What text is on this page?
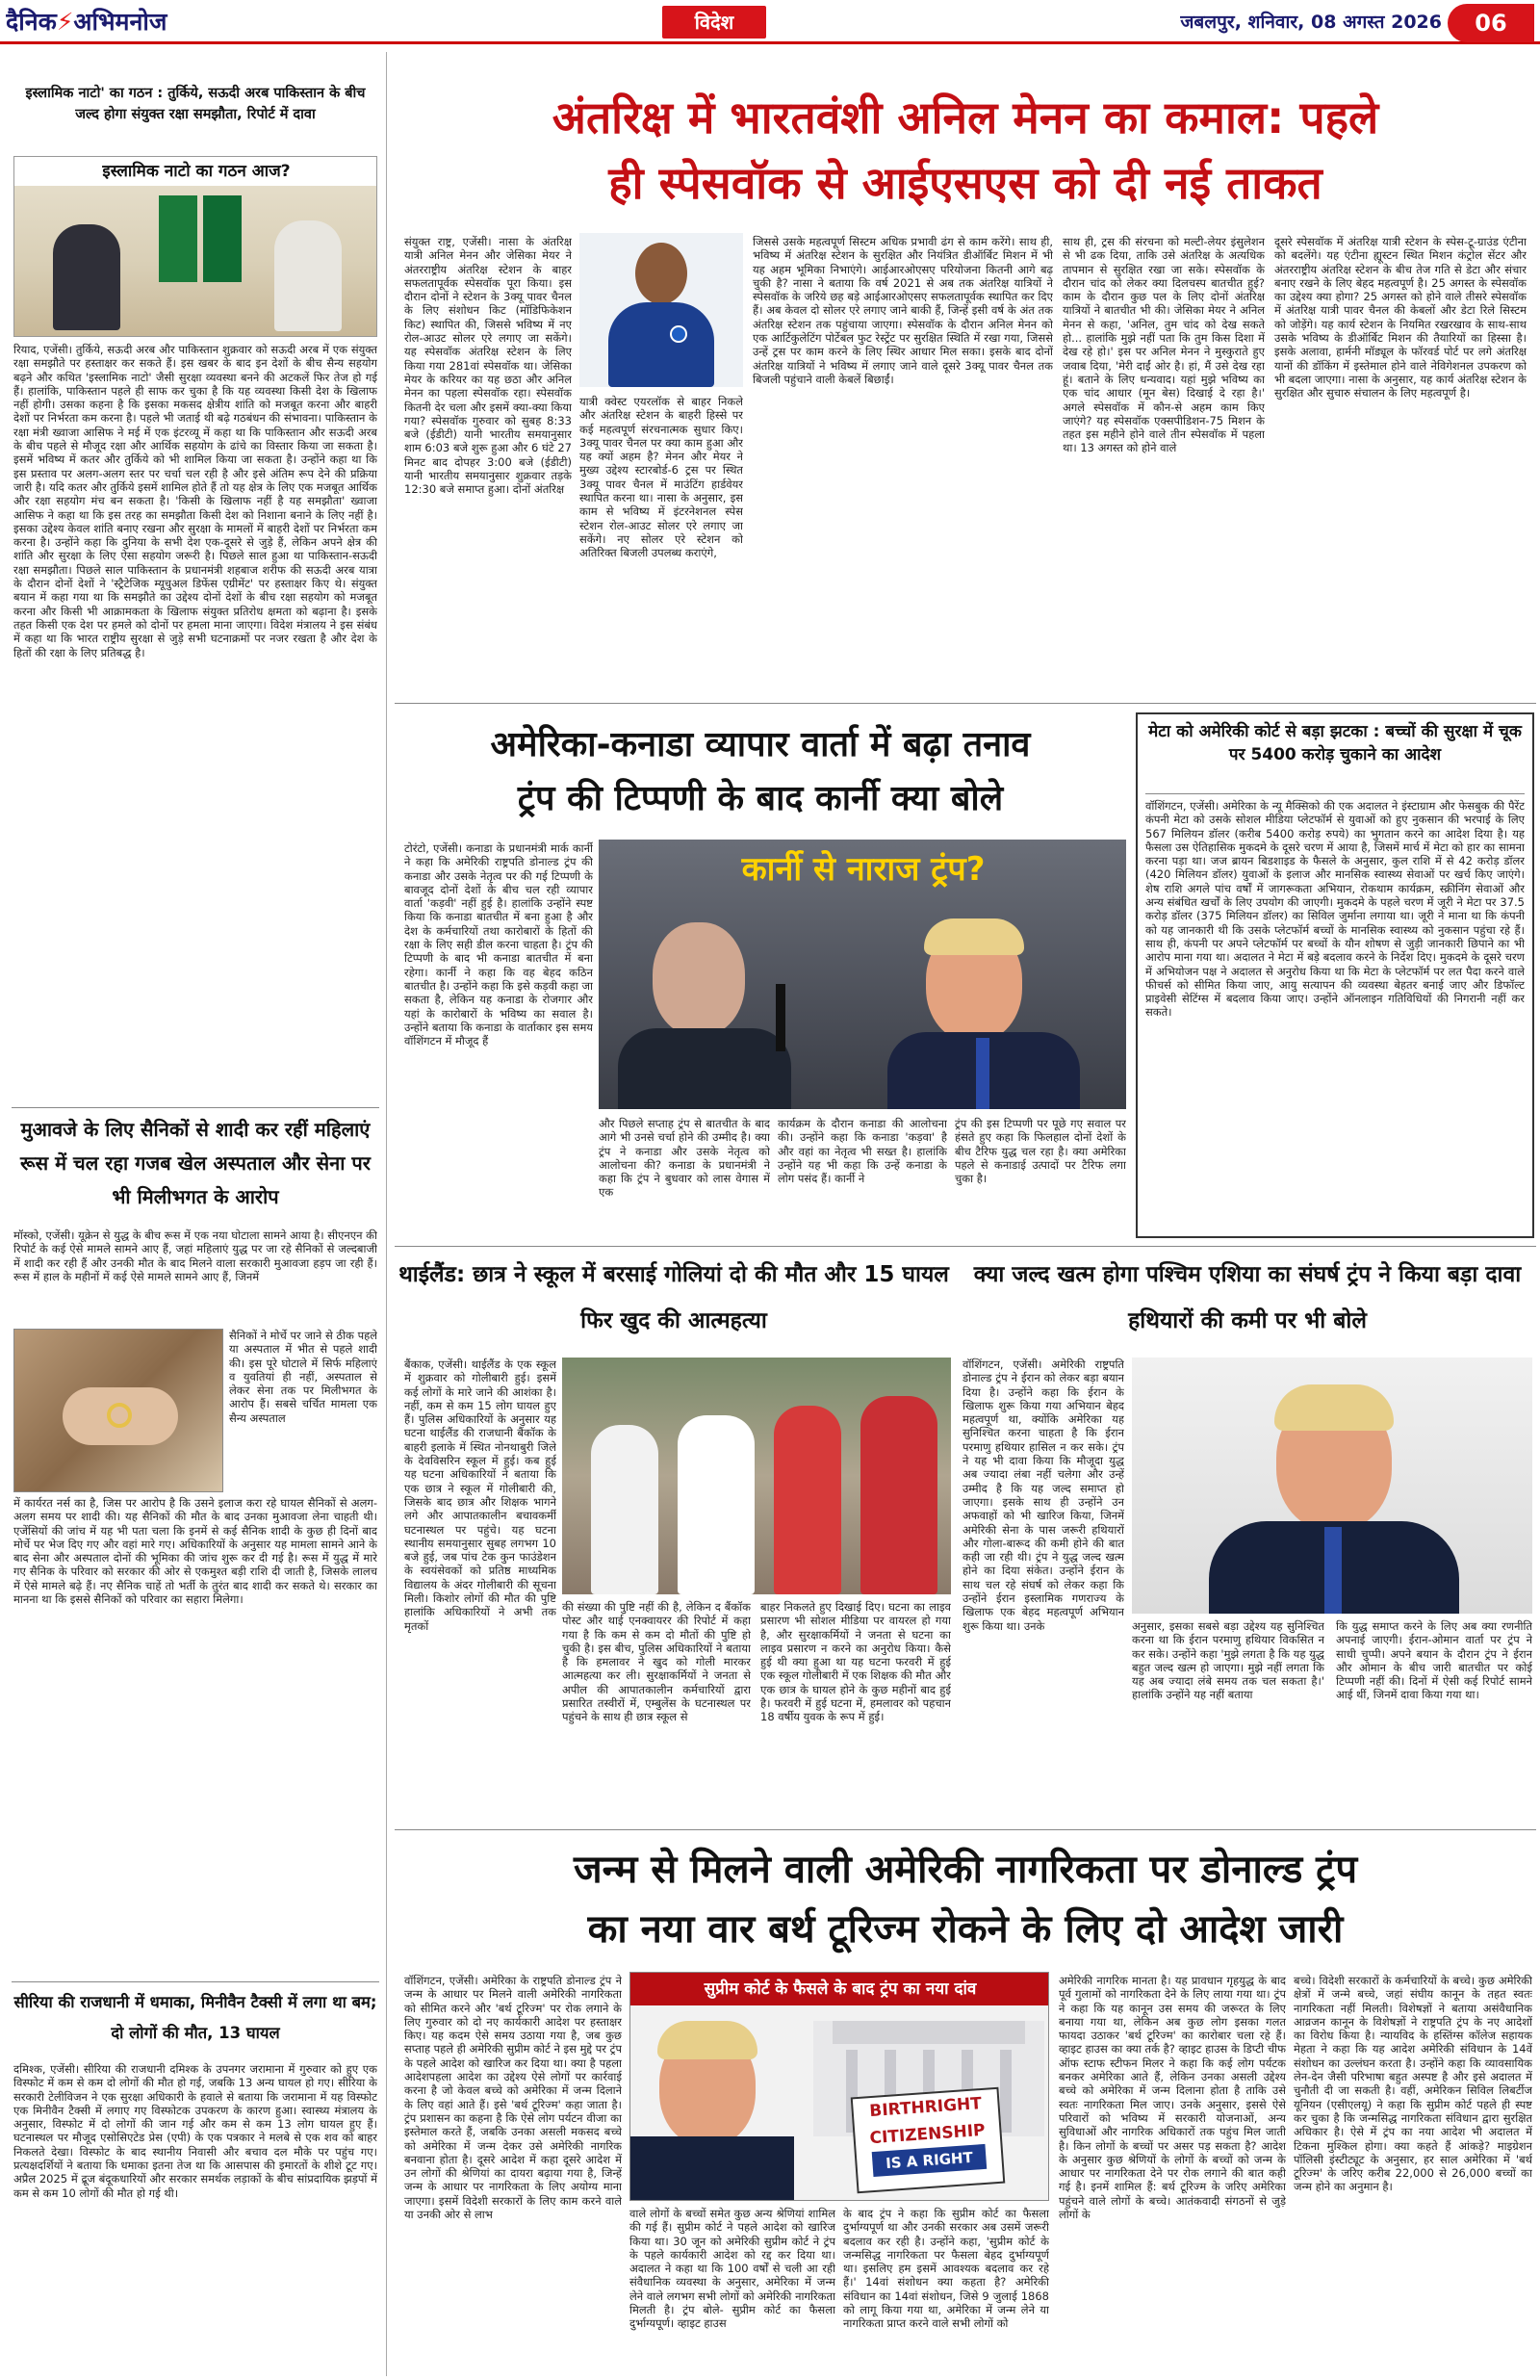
दैनिक⚡अभिमनोज	विदेश	जबलपुर, शनिवार, 08 अगस्त 2026	06
इस्लामिक नाटो' का गठन : तुर्किये, सऊदी अरब पाकिस्तान के बीच जल्द होगा संयुक्त रक्षा समझौता, रिपोर्ट में दावा
इस्लामिक नाटो का गठन आज?
रियाद, एजेंसी। तुर्किये, सऊदी अरब और पाकिस्तान शुक्रवार को सऊदी अरब में एक संयुक्त रक्षा समझौते पर हस्ताक्षर कर सकते हैं। इस खबर के बाद इन देशों के बीच सैन्य सहयोग बढ़ने और कथित 'इस्लामिक नाटो' जैसी सुरक्षा व्यवस्था बनने की अटकलें फिर तेज हो गई हैं। हालांकि, पाकिस्तान पहले ही साफ कर चुका है कि यह व्यवस्था किसी देश के खिलाफ नहीं होगी। उसका कहना है कि इसका मकसद क्षेत्रीय शांति को मजबूत करना और बाहरी देशों पर निर्भरता कम करना है। पहले भी जताई थी बढ़े गठबंधन की संभावना। पाकिस्तान के रक्षा मंत्री ख्वाजा आसिफ ने मई में एक इंटरव्यू में कहा था कि पाकिस्तान और सऊदी अरब के बीच पहले से मौजूद रक्षा और आर्थिक सहयोग के ढांचे का विस्तार किया जा सकता है। इसमें भविष्य में कतर और तुर्किये को भी शामिल किया जा सकता है। उन्होंने कहा था कि इस प्रस्ताव पर अलग-अलग स्तर पर चर्चा चल रही है और इसे अंतिम रूप देने की प्रक्रिया जारी है। यदि कतर और तुर्किये इसमें शामिल होते हैं तो यह क्षेत्र के लिए एक मजबूत आर्थिक और रक्षा सहयोग मंच बन सकता है। 'किसी के खिलाफ नहीं है यह समझौता' ख्वाजा आसिफ ने कहा था कि इस तरह का समझौता किसी देश को निशाना बनाने के लिए नहीं है। इसका उद्देश्य केवल शांति बनाए रखना और सुरक्षा के मामलों में बाहरी देशों पर निर्भरता कम करना है। उन्होंने कहा कि दुनिया के सभी देश एक-दूसरे से जुड़े हैं, लेकिन अपने क्षेत्र की शांति और सुरक्षा के लिए ऐसा सहयोग जरूरी है। पिछले साल हुआ था पाकिस्तान-सऊदी रक्षा समझौता। पिछले साल पाकिस्तान के प्रधानमंत्री शहबाज शरीफ की सऊदी अरब यात्रा के दौरान दोनों देशों ने 'स्ट्रैटेजिक म्यूचुअल डिफेंस एग्रीमेंट' पर हस्ताक्षर किए थे। संयुक्त बयान में कहा गया था कि समझौते का उद्देश्य दोनों देशों के बीच रक्षा सहयोग को मजबूत करना और किसी भी आक्रामकता के खिलाफ संयुक्त प्रतिरोध क्षमता को बढ़ाना है। इसके तहत किसी एक देश पर हमले को दोनों पर हमला माना जाएगा। विदेश मंत्रालय ने इस संबंध में कहा था कि भारत राष्ट्रीय सुरक्षा से जुड़े सभी घटनाक्रमों पर नजर रखता है और देश के हितों की रक्षा के लिए प्रतिबद्ध है।
मुआवजे के लिए सैनिकों से शादी कर रहीं महिलाएं रूस में चल रहा गजब खेल अस्पताल और सेना पर भी मिलीभगत के आरोप
मॉस्को, एजेंसी। यूक्रेन से युद्ध के बीच रूस में एक नया घोटाला सामने आया है। सीएनएन की रिपोर्ट के कई ऐसे मामले सामने आए हैं, जहां महिलाएं युद्ध पर जा रहे सैनिकों से जल्दबाजी में शादी कर रही हैं और उनकी मौत के बाद मिलने वाला सरकारी मुआवजा हड़प जा रही हैं। रूस में हाल के महीनों में कई ऐसे मामले सामने आए हैं, जिनमें
सैनिकों ने मोर्चे पर जाने से ठीक पहले या अस्पताल में भीत से पहले शादी की। इस पूरे घोटाले में सिर्फ महिलाएं व युवतियां ही नहीं, अस्पताल से लेकर सेना तक पर मिलीभगत के आरोप हैं। सबसे चर्चित मामला एक सैन्य अस्पताल
में कार्यरत नर्स का है, जिस पर आरोप है कि उसने इलाज करा रहे घायल सैनिकों से अलग-अलग समय पर शादी की। यह सैनिकों की मौत के बाद उनका मुआवजा लेना चाहती थी। एजेंसियों की जांच में यह भी पता चला कि इनमें से कई सैनिक शादी के कुछ ही दिनों बाद मोर्चे पर भेज दिए गए और वहां मारे गए। अधिकारियों के अनुसार यह मामला सामने आने के बाद सेना और अस्पताल दोनों की भूमिका की जांच शुरू कर दी गई है। रूस में युद्ध में मारे गए सैनिक के परिवार को सरकार की ओर से एकमुश्त बड़ी राशि दी जाती है, जिसके लालच में ऐसे मामले बढ़े हैं। नए सैनिक चाहें तो भर्ती के तुरंत बाद शादी कर सकते थे। सरकार का मानना था कि इससे सैनिकों को परिवार का सहारा मिलेगा।
सीरिया की राजधानी में धमाका, मिनीवैन टैक्सी में लगा था बम; दो लोगों की मौत, 13 घायल
दमिश्क, एजेंसी। सीरिया की राजधानी दमिश्क के उपनगर जरामाना में गुरुवार को हुए एक विस्फोट में कम से कम दो लोगों की मौत हो गई, जबकि 13 अन्य घायल हो गए। सीरिया के सरकारी टेलीविजन ने एक सुरक्षा अधिकारी के हवाले से बताया कि जरामाना में यह विस्फोट एक मिनीवैन टैक्सी में लगाए गए विस्फोटक उपकरण के कारण हुआ। स्वास्थ्य मंत्रालय के अनुसार, विस्फोट में दो लोगों की जान गई और कम से कम 13 लोग घायल हुए हैं। घटनास्थल पर मौजूद एसोसिएटेड प्रेस (एपी) के एक पत्रकार ने मलबे से एक शव को बाहर निकलते देखा। विस्फोट के बाद स्थानीय निवासी और बचाव दल मौके पर पहुंच गए। प्रत्यक्षदर्शियों ने बताया कि धमाका इतना तेज था कि आसपास की इमारतों के शीशे टूट गए। अप्रैल 2025 में द्रूज बंदूकधारियों और सरकार समर्थक लड़ाकों के बीच सांप्रदायिक झड़पों में कम से कम 10 लोगों की मौत हो गई थी।
अंतरिक्ष में भारतवंशी अनिल मेनन का कमाल: पहले
ही स्पेसवॉक से आईएसएस को दी नई ताकत
संयुक्त राष्ट्र, एजेंसी। नासा के अंतरिक्ष यात्री अनिल मेनन और जेसिका मेयर ने अंतरराष्ट्रीय अंतरिक्ष स्टेशन के बाहर सफलतापूर्वक स्पेसवॉक पूरा किया। इस दौरान दोनों ने स्टेशन के 3क्यू पावर चैनल के लिए संशोधन किट (मॉडिफिकेशन किट) स्थापित की, जिससे भविष्य में नए रोल-आउट सोलर एरे लगाए जा सकेंगे। यह स्पेसवॉक अंतरिक्ष स्टेशन के लिए किया गया 281वां स्पेसवॉक था। जेसिका मेयर के करियर का यह छठा और अनिल मेनन का पहला स्पेसवॉक रहा। स्पेसवॉक कितनी देर चला और इसमें क्या-क्या किया गया? स्पेसवॉक गुरुवार को सुबह 8:33 बजे (ईडीटी) यानी भारतीय समयानुसार शाम 6:03 बजे शुरू हुआ और 6 घंटे 27 मिनट बाद दोपहर 3:00 बजे (ईडीटी) यानी भारतीय समयानुसार शुक्रवार तड़के 12:30 बजे समाप्त हुआ। दोनों अंतरिक्ष
यात्री क्वेस्ट एयरलॉक से बाहर निकले और अंतरिक्ष स्टेशन के बाहरी हिस्से पर कई महत्वपूर्ण संरचनात्मक सुधार किए। 3क्यू पावर चैनल पर क्या काम हुआ और यह क्यों अहम है? मेनन और मेयर ने मुख्य उद्देश्य स्टारबोर्ड-6 ट्रस पर स्थित 3क्यू पावर चैनल में माउंटिंग हार्डवेयर स्थापित करना था। नासा के अनुसार, इस काम से भविष्य में इंटरनेशनल स्पेस स्टेशन रोल-आउट सोलर एरे लगाए जा सकेंगे। नए सोलर एरे स्टेशन को अतिरिक्त बिजली उपलब्ध कराएंगे,
जिससे उसके महत्वपूर्ण सिस्टम अधिक प्रभावी ढंग से काम करेंगे। साथ ही, भविष्य में अंतरिक्ष स्टेशन के सुरक्षित और नियंत्रित डीऑर्बिट मिशन में भी यह अहम भूमिका निभाएंगे। आईआरओएसए परियोजना कितनी आगे बढ़ चुकी है? नासा ने बताया कि वर्ष 2021 से अब तक अंतरिक्ष यात्रियों ने स्पेसवॉक के जरिये छह बड़े आईआरओएसए सफलतापूर्वक स्थापित कर दिए हैं। अब केवल दो सोलर एरे लगाए जाने बाकी हैं, जिन्हें इसी वर्ष के अंत तक अंतरिक्ष स्टेशन तक पहुंचाया जाएगा। स्पेसवॉक के दौरान अनिल मेनन को एक आर्टिकुलेटिंग पोर्टेबल फुट रेस्ट्रेंट पर सुरक्षित स्थिति में रखा गया, जिससे उन्हें ट्रस पर काम करने के लिए स्थिर आधार मिल सका। इसके बाद दोनों अंतरिक्ष यात्रियों ने भविष्य में लगाए जाने वाले दूसरे 3क्यू पावर चैनल तक बिजली पहुंचाने वाली केबलें बिछाईं।
साथ ही, ट्रस की संरचना को मल्टी-लेयर इंसुलेशन से भी ढक दिया, ताकि उसे अंतरिक्ष के अत्यधिक तापमान से सुरक्षित रखा जा सके। स्पेसवॉक के दौरान चांद को लेकर क्या दिलचस्प बातचीत हुई? काम के दौरान कुछ पल के लिए दोनों अंतरिक्ष यात्रियों ने बातचीत भी की। जेसिका मेयर ने अनिल मेनन से कहा, 'अनिल, तुम चांद को देख सकते हो... हालांकि मुझे नहीं पता कि तुम किस दिशा में देख रहे हो।' इस पर अनिल मेनन ने मुस्कुराते हुए जवाब दिया, 'मेरी दाईं ओर है। हां, मैं उसे देख रहा हूं। बताने के लिए धन्यवाद। यहां मुझे भविष्य का एक चांद आधार (मून बेस) दिखाई दे रहा है।' अगले स्पेसवॉक में कौन-से अहम काम किए जाएंगे? यह स्पेसवॉक एक्सपीडिशन-75 मिशन के तहत इस महीने होने वाले तीन स्पेसवॉक में पहला था। 13 अगस्त को होने वाले
दूसरे स्पेसवॉक में अंतरिक्ष यात्री स्टेशन के स्पेस-टू-ग्राउंड एंटीना को बदलेंगे। यह एंटीना ह्यूस्टन स्थित मिशन कंट्रोल सेंटर और अंतरराष्ट्रीय अंतरिक्ष स्टेशन के बीच तेज गति से डेटा और संचार बनाए रखने के लिए बेहद महत्वपूर्ण है। 25 अगस्त के स्पेसवॉक का उद्देश्य क्या होगा? 25 अगस्त को होने वाले तीसरे स्पेसवॉक में अंतरिक्ष यात्री पावर चैनल की केबलों और डेटा रिले सिस्टम को जोड़ेंगे। यह कार्य स्टेशन के नियमित रखरखाव के साथ-साथ उसके भविष्य के डीऑर्बिट मिशन की तैयारियों का हिस्सा है। इसके अलावा, हार्मनी मॉड्यूल के फॉरवर्ड पोर्ट पर लगे अंतरिक्ष यानों की डॉकिंग में इस्तेमाल होने वाले नेविगेशनल उपकरण को भी बदला जाएगा। नासा के अनुसार, यह कार्य अंतरिक्ष स्टेशन के सुरक्षित और सुचारु संचालन के लिए महत्वपूर्ण है।
अमेरिका-कनाडा व्यापार वार्ता में बढ़ा तनाव
ट्रंप की टिप्पणी के बाद कार्नी क्या बोले
टोरंटो, एजेंसी। कनाडा के प्रधानमंत्री मार्क कार्नी ने कहा कि अमेरिकी राष्ट्रपति डोनाल्ड ट्रंप की कनाडा और उसके नेतृत्व पर की गई टिप्पणी के बावजूद दोनों देशों के बीच चल रही व्यापार वार्ता 'कड़वी' नहीं हुई है। हालांकि उन्होंने स्पष्ट किया कि कनाडा बातचीत में बना हुआ है और देश के कर्मचारियों तथा कारोबारों के हितों की रक्षा के लिए सही डील करना चाहता है। ट्रंप की टिप्पणी के बाद भी कनाडा बातचीत में बना रहेगा। कार्नी ने कहा कि वह बेहद कठिन बातचीत है। उन्होंने कहा कि इसे कड़वी कहा जा सकता है, लेकिन यह कनाडा के रोजगार और यहां के कारोबारों के भविष्य का सवाल है। उन्होंने बताया कि कनाडा के वार्ताकार इस समय वॉशिंगटन में मौजूद हैं
कार्नी से नाराज ट्रंप?
और पिछले सप्ताह ट्रंप से बातचीत के बाद आगे भी उनसे चर्चा होने की उम्मीद है। क्या ट्रंप ने कनाडा और उसके नेतृत्व को आलोचना की? कनाडा के प्रधानमंत्री ने कहा कि ट्रंप ने बुधवार को लास वेगास में एक
कार्यक्रम के दौरान कनाडा की आलोचना की। उन्होंने कहा कि कनाडा 'कड़वा' है और वहां का नेतृत्व भी सख्त है। हालांकि उन्होंने यह भी कहा कि उन्हें कनाडा के लोग पसंद हैं। कार्नी ने
ट्रंप की इस टिप्पणी पर पूछे गए सवाल पर हंसते हुए कहा कि फिलहाल दोनों देशों के बीच टैरिफ युद्ध चल रहा है। क्या अमेरिका पहले से कनाडाई उत्पादों पर टैरिफ लगा चुका है।
मेटा को अमेरिकी कोर्ट से बड़ा झटका : बच्चों की सुरक्षा में चूक पर 5400 करोड़ चुकाने का आदेश
वॉशिंगटन, एजेंसी। अमेरिका के न्यू मैक्सिको की एक अदालत ने इंस्टाग्राम और फेसबुक की पैरेंट कंपनी मेटा को उसके सोशल मीडिया प्लेटफॉर्म से युवाओं को हुए नुकसान की भरपाई के लिए 567 मिलियन डॉलर (करीब 5400 करोड़ रुपये) का भुगतान करने का आदेश दिया है। यह फैसला उस ऐतिहासिक मुकदमे के दूसरे चरण में आया है, जिसमें मार्च में मेटा को हार का सामना करना पड़ा था। जज ब्रायन बिडशाइड के फैसले के अनुसार, कुल राशि में से 42 करोड़ डॉलर (420 मिलियन डॉलर) युवाओं के इलाज और मानसिक स्वास्थ्य सेवाओं पर खर्च किए जाएंगे। शेष राशि अगले पांच वर्षों में जागरूकता अभियान, रोकथाम कार्यक्रम, स्क्रीनिंग सेवाओं और अन्य संबंधित खर्चों के लिए उपयोग की जाएगी। मुकदमे के पहले चरण में जूरी ने मेटा पर 37.5 करोड़ डॉलर (375 मिलियन डॉलर) का सिविल जुर्माना लगाया था। जूरी ने माना था कि कंपनी को यह जानकारी थी कि उसके प्लेटफॉर्म बच्चों के मानसिक स्वास्थ्य को नुकसान पहुंचा रहे हैं। साथ ही, कंपनी पर अपने प्लेटफॉर्म पर बच्चों के यौन शोषण से जुड़ी जानकारी छिपाने का भी आरोप माना गया था। अदालत ने मेटा में बड़े बदलाव करने के निर्देश दिए। मुकदमे के दूसरे चरण में अभियोजन पक्ष ने अदालत से अनुरोध किया था कि मेटा के प्लेटफॉर्म पर लत पैदा करने वाले फीचर्स को सीमित किया जाए, आयु सत्यापन की व्यवस्था बेहतर बनाई जाए और डिफॉल्ट प्राइवेसी सेटिंग्स में बदलाव किया जाए। उन्होंने ऑनलाइन गतिविधियों की निगरानी नहीं कर सकते।
थाईलैंड: छात्र ने स्कूल में बरसाई गोलियां दो की मौत और 15 घायल फिर खुद की आत्महत्या
बैंकाक, एजेंसी। थाईलैंड के एक स्कूल में शुक्रवार को गोलीबारी हुई। इसमें कई लोगों के मारे जाने की आशंका है। नहीं, कम से कम 15 लोग घायल हुए हैं। पुलिस अधिकारियों के अनुसार यह घटना थाईलैंड की राजधानी बैंकॉक के बाहरी इलाके में स्थित नोनथाबुरी जिले के देवविसरिन स्कूल में हुई। कब हुई यह घटना अधिकारियों ने बताया कि एक छात्र ने स्कूल में गोलीबारी की, जिसके बाद छात्र और शिक्षक भागने लगे और आपातकालीन बचावकर्मी घटनास्थल पर पहुंचे। यह घटना स्थानीय समयानुसार सुबह लगभग 10 बजे हुई, जब पांच टेक कुन फाउंडेशन के स्वयंसेवकों को प्रतिष्ठ माध्यमिक विद्यालय के अंदर गोलीबारी की सूचना मिली। किशोर लोगों की मौत की पुष्टि हालांकि अधिकारियों ने अभी तक मृतकों
की संख्या की पुष्टि नहीं की है, लेकिन द बैंकॉक पोस्ट और थाई एनक्वायरर की रिपोर्ट में कहा गया है कि कम से कम दो मौतों की पुष्टि हो चुकी है। इस बीच, पुलिस अधिकारियों ने बताया है कि हमलावर ने खुद को गोली मारकर आत्महत्या कर ली। सुरक्षाकर्मियों ने जनता से अपील की आपातकालीन कर्मचारियों द्वारा प्रसारित तस्वीरों में, एम्बुलेंस के घटनास्थल पर पहुंचने के साथ ही छात्र स्कूल से
बाहर निकलते हुए दिखाई दिए। घटना का लाइव प्रसारण भी सोशल मीडिया पर वायरल हो गया है, और सुरक्षाकर्मियों ने जनता से घटना का लाइव प्रसारण न करने का अनुरोध किया। कैसे हुई थी क्या हुआ था यह घटना फरवरी में हुई एक स्कूल गोलीबारी में एक शिक्षक की मौत और एक छात्र के घायल होने के कुछ महीनों बाद हुई है। फरवरी में हुई घटना में, हमलावर को पहचान 18 वर्षीय युवक के रूप में हुई।
क्या जल्द खत्म होगा पश्चिम एशिया का संघर्ष ट्रंप ने किया बड़ा दावा हथियारों की कमी पर भी बोले
वॉशिंगटन, एजेंसी। अमेरिकी राष्ट्रपति डोनाल्ड ट्रंप ने ईरान को लेकर बड़ा बयान दिया है। उन्होंने कहा कि ईरान के खिलाफ शुरू किया गया अभियान बेहद महत्वपूर्ण था, क्योंकि अमेरिका यह सुनिश्चित करना चाहता है कि ईरान परमाणु हथियार हासिल न कर सके। ट्रंप ने यह भी दावा किया कि मौजूदा युद्ध अब ज्यादा लंबा नहीं चलेगा और उन्हें उम्मीद है कि यह जल्द समाप्त हो जाएगा। इसके साथ ही उन्होंने उन अफवाहों को भी खारिज किया, जिनमें अमेरिकी सेना के पास जरूरी हथियारों और गोला-बारूद की कमी होने की बात कही जा रही थी। ट्रंप ने युद्ध जल्द खत्म होने का दिया संकेत। उन्होंने ईरान के साथ चल रहे संघर्ष को लेकर कहा कि उन्होंने ईरान इस्लामिक गणराज्य के खिलाफ एक बेहद महत्वपूर्ण अभियान शुरू किया था। उनके	अनुसार, इसका सबसे बड़ा उद्देश्य यह सुनिश्चित करना था कि ईरान परमाणु हथियार विकसित न कर सके। उन्होंने कहा 'मुझे लगता है कि यह युद्ध बहुत जल्द खत्म हो जाएगा। मुझे नहीं लगता कि यह अब ज्यादा लंबे समय तक चल सकता है।' हालांकि उन्होंने यह नहीं बताया
कि युद्ध समाप्त करने के लिए अब क्या रणनीति अपनाई जाएगी। ईरान-ओमान वार्ता पर ट्रंप ने साधी चुप्पी। अपने बयान के दौरान ट्रंप ने ईरान और ओमान के बीच जारी बातचीत पर कोई टिप्पणी नहीं की। दिनों में ऐसी कई रिपोर्ट सामने आई थीं, जिनमें दावा किया गया था।
जन्म से मिलने वाली अमेरिकी नागरिकता पर डोनाल्ड ट्रंप
का नया वार बर्थ टूरिज्म रोकने के लिए दो आदेश जारी
वॉशिंगटन, एजेंसी। अमेरिका के राष्ट्रपति डोनाल्ड ट्रंप ने जन्म के आधार पर मिलने वाली अमेरिकी नागरिकता को सीमित करने और 'बर्थ टूरिज्म' पर रोक लगाने के लिए गुरुवार को दो नए कार्यकारी आदेश पर हस्ताक्षर किए। यह कदम ऐसे समय उठाया गया है, जब कुछ सप्ताह पहले ही अमेरिकी सुप्रीम कोर्ट ने इस मुद्दे पर ट्रंप के पहले आदेश को खारिज कर दिया था। क्या है पहला आदेशपहला आदेश का उद्देश्य ऐसे लोगों पर कार्रवाई करना है जो केवल बच्चे को अमेरिका में जन्म दिलाने के लिए वहां आते हैं। इसे 'बर्थ टूरिज्म' कहा जाता है। ट्रंप प्रशासन का कहना है कि ऐसे लोग पर्यटन वीजा का इस्तेमाल करते हैं, जबकि उनका असली मकसद बच्चे को अमेरिका में जन्म देकर उसे अमेरिकी नागरिक बनवाना होता है। दूसरे आदेश में कहा दूसरे आदेश में उन लोगों की श्रेणियां का दायरा बढ़ाया गया है, जिन्हें जन्म के आधार पर नागरिकता के लिए अयोग्य माना जाएगा। इसमें विदेशी सरकारों के लिए काम करने वाले या उनकी ओर से लाभ
सुप्रीम कोर्ट के फैसले के बाद ट्रंप का नया दांव
BIRTHRIGHT
CITIZENSHIP
IS A RIGHT
वाले लोगों के बच्चों समेत कुछ अन्य श्रेणियां शामिल की गई हैं। सुप्रीम कोर्ट ने पहले आदेश को खारिज किया था। 30 जून को अमेरिकी सुप्रीम कोर्ट ने ट्रंप के पहले कार्यकारी आदेश को रद्द कर दिया था। अदालत ने कहा था कि 100 वर्षों से चली आ रही संवैधानिक व्यवस्था के अनुसार, अमेरिका में जन्म लेने वाले लगभग सभी लोगों को अमेरिकी नागरिकता मिलती है। ट्रंप बोले- सुप्रीम कोर्ट का फैसला दुर्भाग्यपूर्ण। व्हाइट हाउस
के बाद ट्रंप ने कहा कि सुप्रीम कोर्ट का फैसला दुर्भाग्यपूर्ण था और उनकी सरकार अब उसमें जरूरी बदलाव कर रही है। उन्होंने कहा, 'सुप्रीम कोर्ट के जन्मसिद्ध नागरिकता पर फैसला बेहद दुर्भाग्यपूर्ण था। इसलिए हम इसमें आवश्यक बदलाव कर रहे हैं।' 14वां संशोधन क्या कहता है? अमेरिकी संविधान का 14वां संशोधन, जिसे 9 जुलाई 1868 को लागू किया गया था, अमेरिका में जन्म लेने या नागरिकता प्राप्त करने वाले सभी लोगों को
अमेरिकी नागरिक मानता है। यह प्रावधान गृहयुद्ध के बाद पूर्व गुलामों को नागरिकता देने के लिए लाया गया था। ट्रंप ने कहा कि यह कानून उस समय की जरूरत के लिए बनाया गया था, लेकिन अब कुछ लोग इसका गलत फायदा उठाकर 'बर्थ टूरिज्म' का कारोबार चला रहे हैं। व्हाइट हाउस का क्या तर्क है? व्हाइट हाउस के डिप्टी चीफ ऑफ स्टाफ स्टीफन मिलर ने कहा कि कई लोग पर्यटक बनकर अमेरिका आते हैं, लेकिन उनका असली उद्देश्य बच्चे को अमेरिका में जन्म दिलाना होता है ताकि उसे स्वतः नागरिकता मिल जाए। उनके अनुसार, इससे ऐसे परिवारों को भविष्य में सरकारी योजनाओं, अन्य सुविधाओं और नागरिक अधिकारों तक पहुंच मिल जाती है। किन लोगों के बच्चों पर असर पड़ सकता है? आदेश के अनुसार कुछ श्रेणियों के लोगों के बच्चों को जन्म के आधार पर नागरिकता देने पर रोक लगाने की बात कही गई है। इनमें शामिल हैं: बर्थ टूरिज्म के जरिए अमेरिका पहुंचने वाले लोगों के बच्चे। आतंकवादी संगठनों से जुड़े लोगों के
बच्चे। विदेशी सरकारों के कर्मचारियों के बच्चे। कुछ अमेरिकी क्षेत्रों में जन्मे बच्चे, जहां संघीय कानून के तहत स्वतः नागरिकता नहीं मिलती। विशेषज्ञों ने बताया असंवैधानिक आव्रजन कानून के विशेषज्ञों ने राष्ट्रपति ट्रंप के नए आदेशों का विरोध किया है। न्यायविद के हस्तिंग्स कॉलेज सहायक मेहता ने कहा कि यह आदेश अमेरिकी संविधान के 14वें संशोधन का उल्लंघन करता है। उन्होंने कहा कि व्यावसायिक लेन-देन जैसी परिभाषा बहुत अस्पष्ट है और इसे अदालत में चुनौती दी जा सकती है। वहीं, अमेरिकन सिविल लिबर्टीज यूनियन (एसीएलयू) ने कहा कि सुप्रीम कोर्ट पहले ही स्पष्ट कर चुका है कि जन्मसिद्ध नागरिकता संविधान द्वारा सुरक्षित अधिकार है। ऐसे में ट्रंप का नया आदेश भी अदालत में टिकना मुश्किल होगा। क्या कहते हैं आंकड़े? माइग्रेशन पॉलिसी इंस्टीट्यूट के अनुसार, हर साल अमेरिका में 'बर्थ टूरिज्म' के जरिए करीब 22,000 से 26,000 बच्चों का जन्म होने का अनुमान है।
